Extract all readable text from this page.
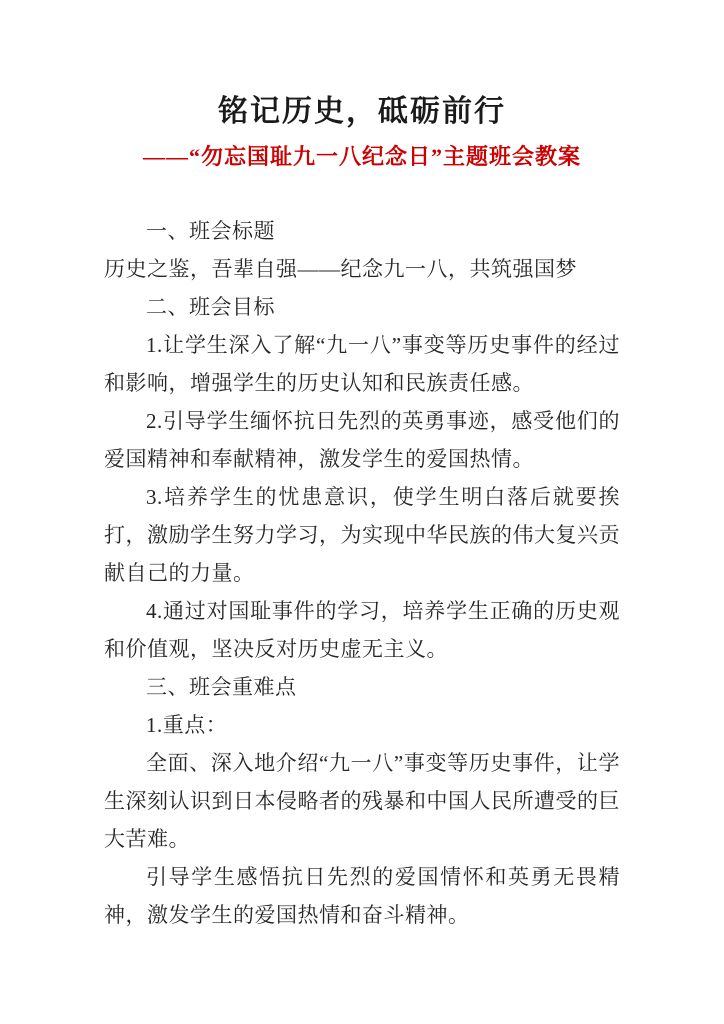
铭记历史，砥砺前行
——“勿忘国耻九一八纪念日”主题班会教案

一、班会标题

历史之鉴，吾辈自强——纪念九一八，共筑强国梦

二、班会目标

1.让学生深入了解“九一八”事变等历史事件的经过和影响，增强学生的历史认知和民族责任感。

2.引导学生缅怀抗日先烈的英勇事迹，感受他们的爱国精神和奉献精神，激发学生的爱国热情。

3.培养学生的忧患意识，使学生明白落后就要挨打，激励学生努力学习，为实现中华民族的伟大复兴贡献自己的力量。

4.通过对国耻事件的学习，培养学生正确的历史观和价值观，坚决反对历史虚无主义。

三、班会重难点

1.重点：

全面、深入地介绍“九一八”事变等历史事件，让学生深刻认识到日本侵略者的残暴和中国人民所遭受的巨大苦难。

引导学生感悟抗日先烈的爱国情怀和英勇无畏精神，激发学生的爱国热情和奋斗精神。
